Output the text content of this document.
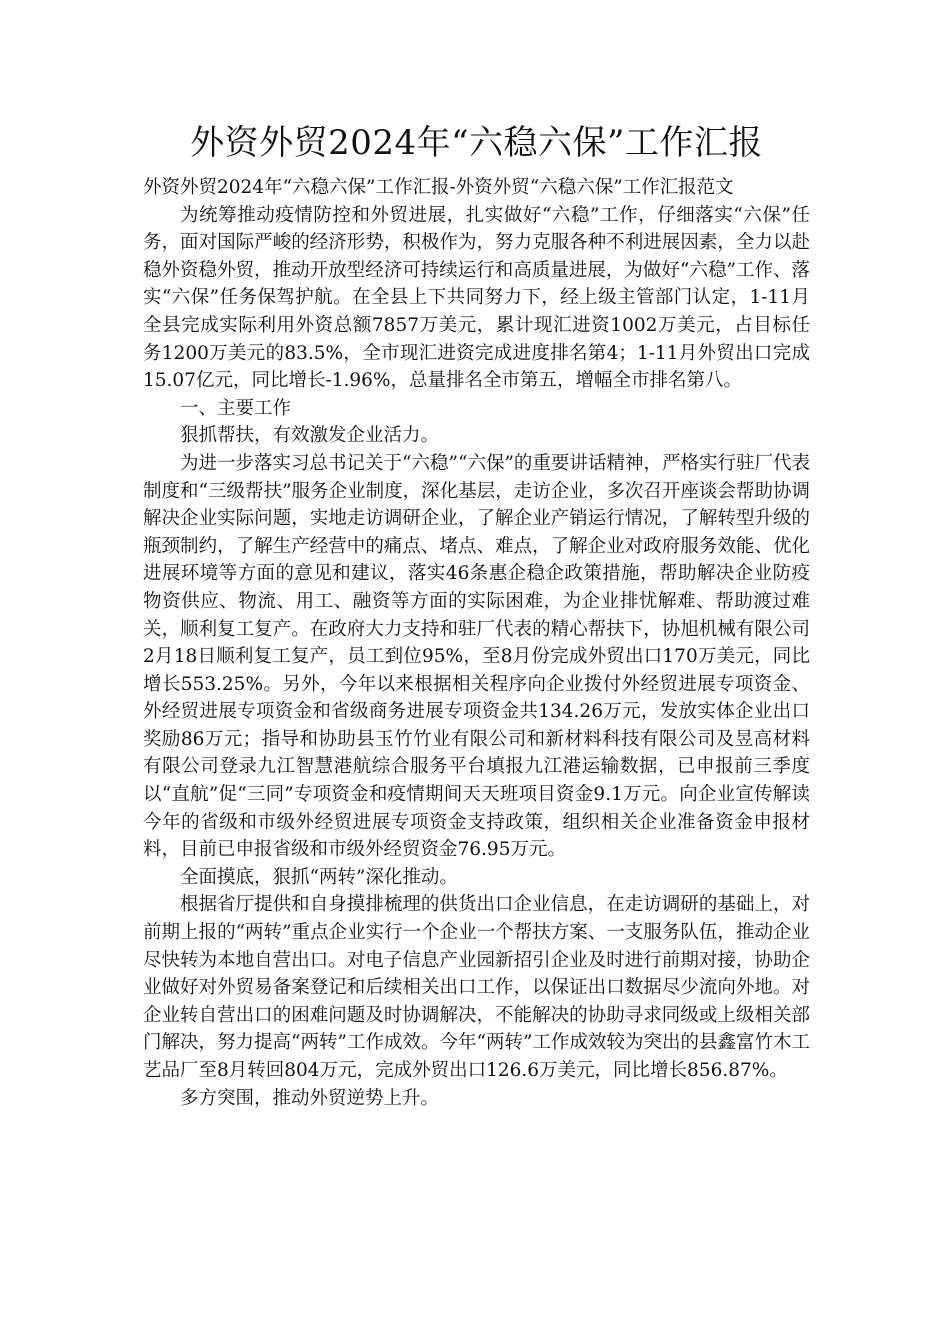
外资外贸2024年“六稳六保”工作汇报

外资外贸2024年“六稳六保”工作汇报-外资外贸“六稳六保”工作汇报范文

为统筹推动疫情防控和外贸进展，扎实做好“六稳”工作，仔细落实“六保”任务，面对国际严峻的经济形势，积极作为，努力克服各种不利进展因素，全力以赴稳外资稳外贸，推动开放型经济可持续运行和高质量进展，为做好“六稳”工作、落实“六保”任务保驾护航。在全县上下共同努力下，经上级主管部门认定，1-11月全县完成实际利用外资总额7857万美元，累计现汇进资1002万美元，占目标任务1200万美元的83.5%，全市现汇进资完成进度排名第4；1-11月外贸出口完成15.07亿元，同比增长-1.96%，总量排名全市第五，增幅全市排名第八。

一、主要工作

狠抓帮扶，有效激发企业活力。

为进一步落实习总书记关于“六稳”“六保”的重要讲话精神，严格实行驻厂代表制度和“三级帮扶”服务企业制度，深化基层，走访企业，多次召开座谈会帮助协调解决企业实际问题，实地走访调研企业，了解企业产销运行情况，了解转型升级的瓶颈制约，了解生产经营中的痛点、堵点、难点，了解企业对政府服务效能、优化进展环境等方面的意见和建议，落实46条惠企稳企政策措施，帮助解决企业防疫物资供应、物流、用工、融资等方面的实际困难，为企业排忧解难、帮助渡过难关，顺利复工复产。在政府大力支持和驻厂代表的精心帮扶下，协旭机械有限公司2月18日顺利复工复产，员工到位95%，至8月份完成外贸出口170万美元，同比增长553.25%。另外，今年以来根据相关程序向企业拨付外经贸进展专项资金、外经贸进展专项资金和省级商务进展专项资金共134.26万元，发放实体企业出口奖励86万元；指导和协助县玉竹竹业有限公司和新材料科技有限公司及昱高材料有限公司登录九江智慧港航综合服务平台填报九江港运输数据，已申报前三季度以“直航”促“三同”专项资金和疫情期间天天班项目资金9.1万元。向企业宣传解读今年的省级和市级外经贸进展专项资金支持政策，组织相关企业准备资金申报材料，目前已申报省级和市级外经贸资金76.95万元。

全面摸底，狠抓“两转”深化推动。

根据省厅提供和自身摸排梳理的供货出口企业信息，在走访调研的基础上，对前期上报的“两转”重点企业实行一个企业一个帮扶方案、一支服务队伍，推动企业尽快转为本地自营出口。对电子信息产业园新招引企业及时进行前期对接，协助企业做好对外贸易备案登记和后续相关出口工作，以保证出口数据尽少流向外地。对企业转自营出口的困难问题及时协调解决，不能解决的协助寻求同级或上级相关部门解决，努力提高“两转”工作成效。今年“两转”工作成效较为突出的县鑫富竹木工艺品厂至8月转回804万元，完成外贸出口126.6万美元，同比增长856.87%。

多方突围，推动外贸逆势上升。
